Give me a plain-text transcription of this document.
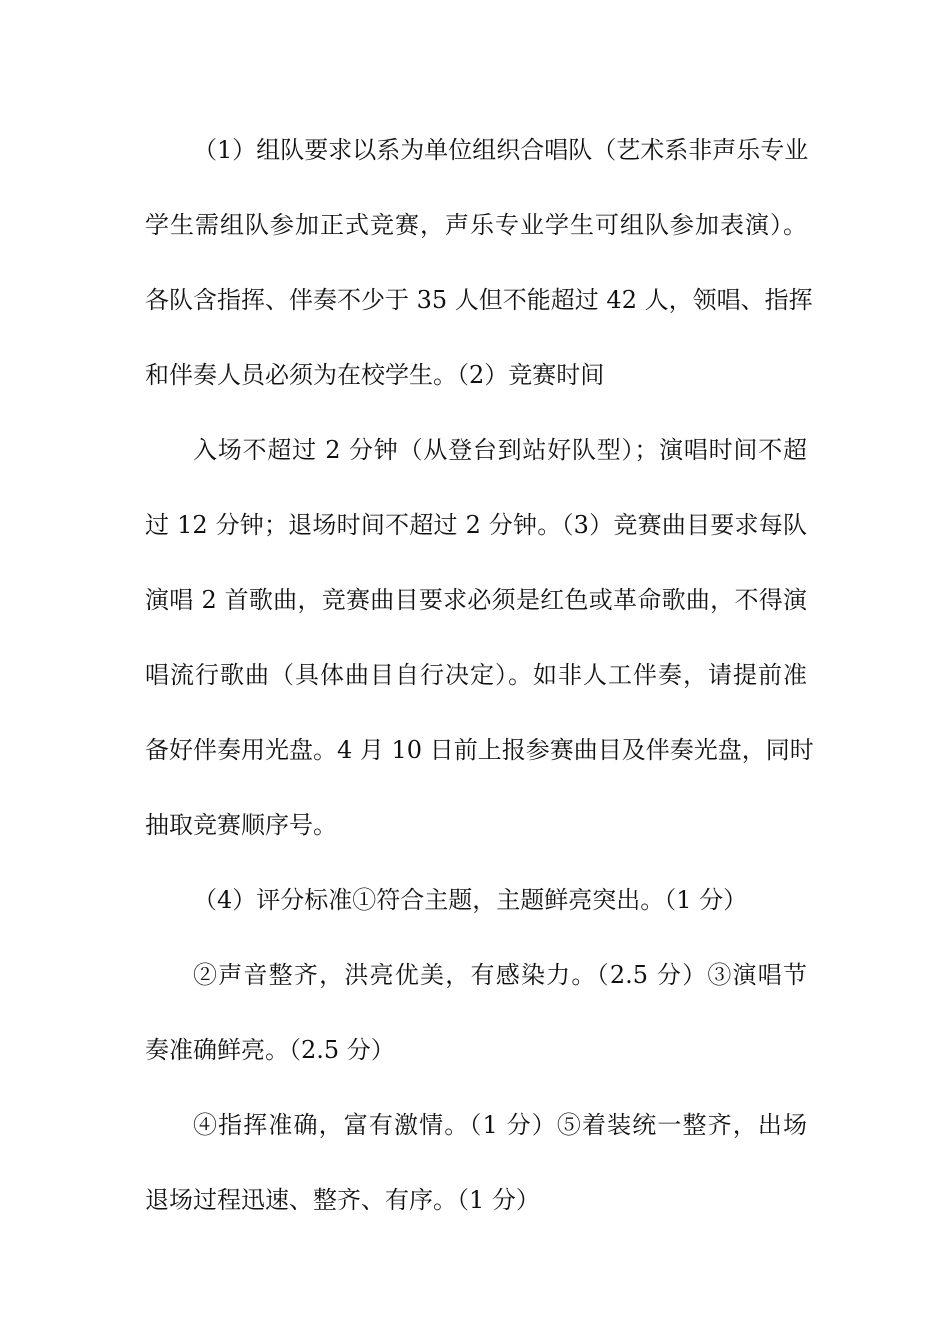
（1）组队要求以系为单位组织合唱队（艺术系非声乐专业
学生需组队参加正式竞赛，声乐专业学生可组队参加表演）。
各队含指挥、伴奏不少于 35 人但不能超过 42 人，领唱、指挥
和伴奏人员必须为在校学生。（2）竞赛时间
入场不超过 2 分钟（从登台到站好队型）；演唱时间不超
过 12 分钟；退场时间不超过 2 分钟。（3）竞赛曲目要求每队
演唱 2 首歌曲，竞赛曲目要求必须是红色或革命歌曲，不得演
唱流行歌曲（具体曲目自行决定）。如非人工伴奏，请提前准
备好伴奏用光盘。4 月 10 日前上报参赛曲目及伴奏光盘，同时
抽取竞赛顺序号。
（4）评分标准①符合主题，主题鲜亮突出。（1 分）
②声音整齐，洪亮优美，有感染力。（2.5 分）③演唱节
奏准确鲜亮。（2.5 分）
④指挥准确，富有激情。（1 分）⑤着装统一整齐，出场
退场过程迅速、整齐、有序。（1 分）
